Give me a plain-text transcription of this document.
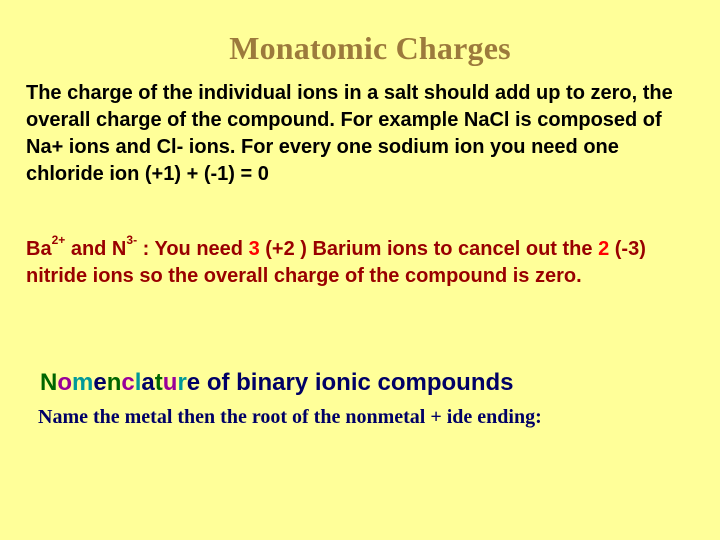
Monatomic Charges
The charge of the individual ions in a salt should add up to zero, the overall charge of the compound. For example NaCl is composed of Na+ ions and Cl- ions. For every one sodium ion you need one chloride ion (+1) + (-1) = 0
$Ba^{2+}$ and $N^{3-}$ : You need 3 (+2 ) Barium ions to cancel out the 2 (-3) nitride ions so the overall charge of the compound is zero.
Nomenclature of binary ionic compounds
Name the metal then the root of the nonmetal + ide ending:
